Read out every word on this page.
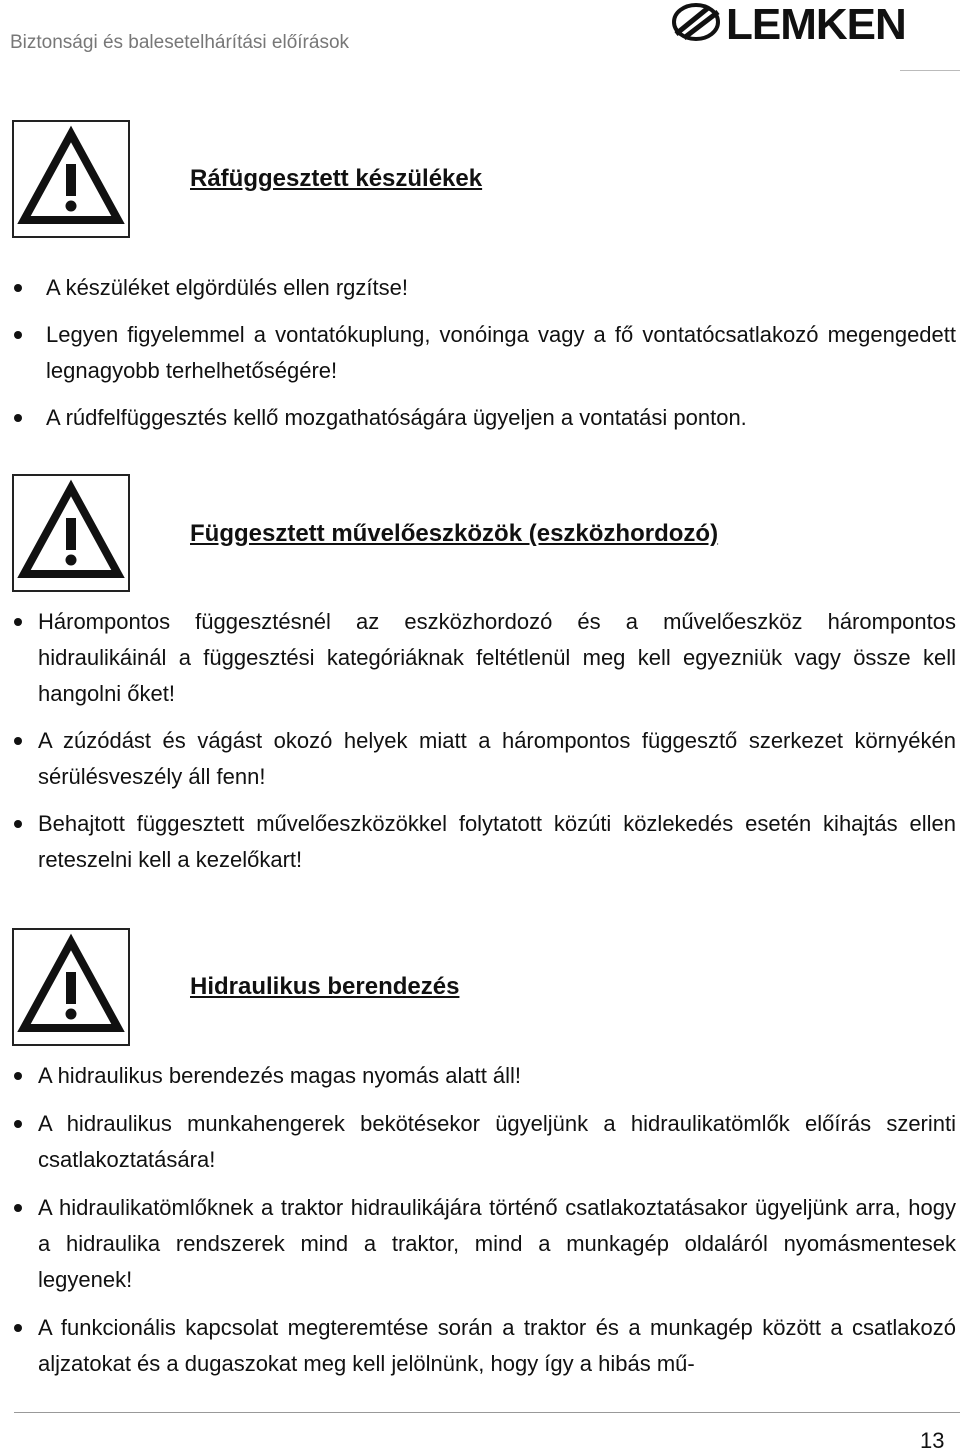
Biztonsági és balesetelhárítási előírások	LEMKEN
Ráfüggesztett készülékek
A készüléket elgördülés ellen rgzítse!
Legyen figyelemmel a vontatókuplung, vonóinga vagy a fő vontatócsatlakozó megengedett legnagyobb terhelhetőségére!
A rúdfelfüggesztés kellő mozgathatóságára ügyeljen a vontatási ponton.
Függesztett művelőeszközök (eszközhordozó)
Hárompontos függesztésnél az eszközhordozó és a művelőeszköz hárompontos hidraulikáinál a függesztési kategóriáknak feltétlenül meg kell egyezniük vagy össze kell hangolni őket!
A zúzódást és vágást okozó helyek miatt a hárompontos függesztő szerkezet környékén sérülésveszély áll fenn!
Behajtott függesztett művelőeszközökkel folytatott közúti közlekedés esetén kihajtás ellen reteszelni kell a kezelőkart!
Hidraulikus berendezés
A hidraulikus berendezés magas nyomás alatt áll!
A hidraulikus munkahengerek bekötésekor ügyeljünk a hidraulikatömlők előírás szerinti csatlakoztatására!
A hidraulikatömlőknek a traktor hidraulikájára történő csatlakoztatásakor ügyeljünk arra, hogy a hidraulika rendszerek mind a traktor, mind a munkagép oldaláról nyomásmentesek legyenek!
A funkcionális kapcsolat megteremtése során a traktor és a munkagép között a csatlakozó aljzatokat és a dugaszokat meg kell jelölnünk, hogy így a hibás mű-
13
